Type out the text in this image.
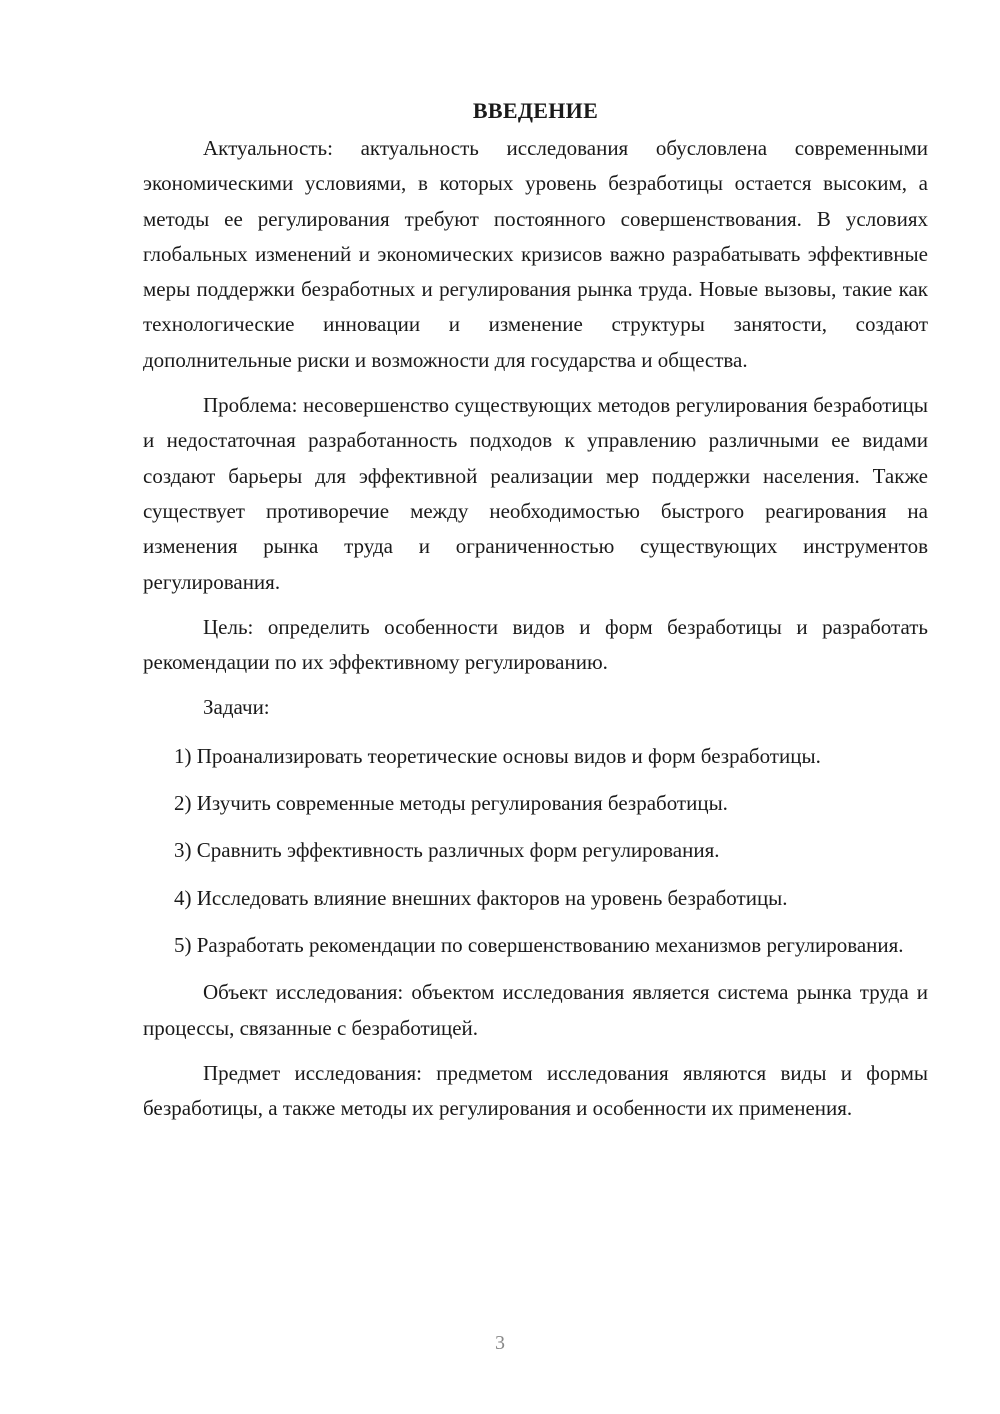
ВВЕДЕНИЕ

Актуальность: актуальность исследования обусловлена современными экономическими условиями, в которых уровень безработицы остается высоким, а методы ее регулирования требуют постоянного совершенствования. В условиях глобальных изменений и экономических кризисов важно разрабатывать эффективные меры поддержки безработных и регулирования рынка труда. Новые вызовы, такие как технологические инновации и изменение структуры занятости, создают дополнительные риски и возможности для государства и общества.

Проблема: несовершенство существующих методов регулирования безработицы и недостаточная разработанность подходов к управлению различными ее видами создают барьеры для эффективной реализации мер поддержки населения. Также существует противоречие между необходимостью быстрого реагирования на изменения рынка труда и ограниченностью существующих инструментов регулирования.

Цель: определить особенности видов и форм безработицы и разработать рекомендации по их эффективному регулированию.

Задачи:

1) Проанализировать теоретические основы видов и форм безработицы.

2) Изучить современные методы регулирования безработицы.

3) Сравнить эффективность различных форм регулирования.

4) Исследовать влияние внешних факторов на уровень безработицы.

5) Разработать рекомендации по совершенствованию механизмов регулирования.

Объект исследования: объектом исследования является система рынка труда и процессы, связанные с безработицей.

Предмет исследования: предметом исследования являются виды и формы безработицы, а также методы их регулирования и особенности их применения.

3
